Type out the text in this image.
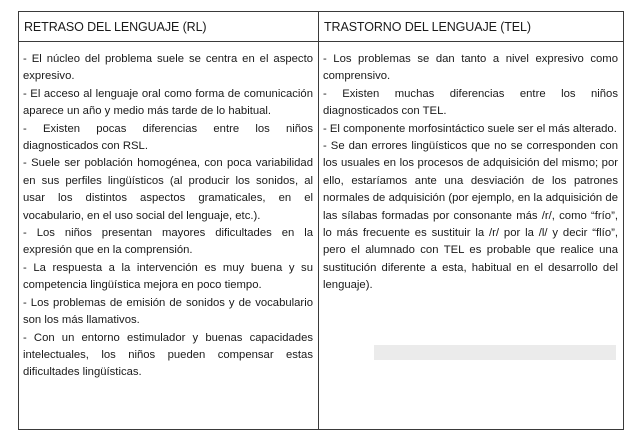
RETRASO DEL LENGUAJE (RL)	TRASTORNO DEL LENGUAJE (TEL)

- El núcleo del problema suele se centra en el aspecto expresivo.

- El acceso al lenguaje oral como forma de comunicación aparece un año y medio más tarde de lo habitual.

- Existen pocas diferencias entre los niños diagnosticados con RSL.

- Suele ser población homogénea, con poca variabilidad en sus perfiles lingüísticos (al producir los sonidos, al usar los distintos aspectos gramaticales, en el vocabulario, en el uso social del lenguaje, etc.).

- Los niños presentan mayores dificultades en la expresión que en la comprensión.

- La respuesta a la intervención es muy buena y su competencia lingüística mejora en poco tiempo.

- Los problemas de emisión de sonidos y de vocabulario son los más llamativos.

- Con un entorno estimulador y buenas capacidades intelectuales, los niños pueden compensar estas dificultades lingüísticas.

- Los problemas se dan tanto a nivel expresivo como comprensivo.

- Existen muchas diferencias entre los niños diagnosticados con TEL.

- El componente morfosintáctico suele ser el más alterado.

- Se dan errores lingüísticos que no se corresponden con los usuales en los procesos de adquisición del mismo; por ello, estaríamos ante una desviación de los patrones normales de adquisición (por ejemplo, en la adquisición de las sílabas formadas por consonante más /r/, como “frío”, lo más frecuente es sustituir la /r/ por la /l/ y decir “flío”, pero el alumnado con TEL es probable que realice una sustitución diferente a esta, habitual en el desarrollo del lenguaje).
